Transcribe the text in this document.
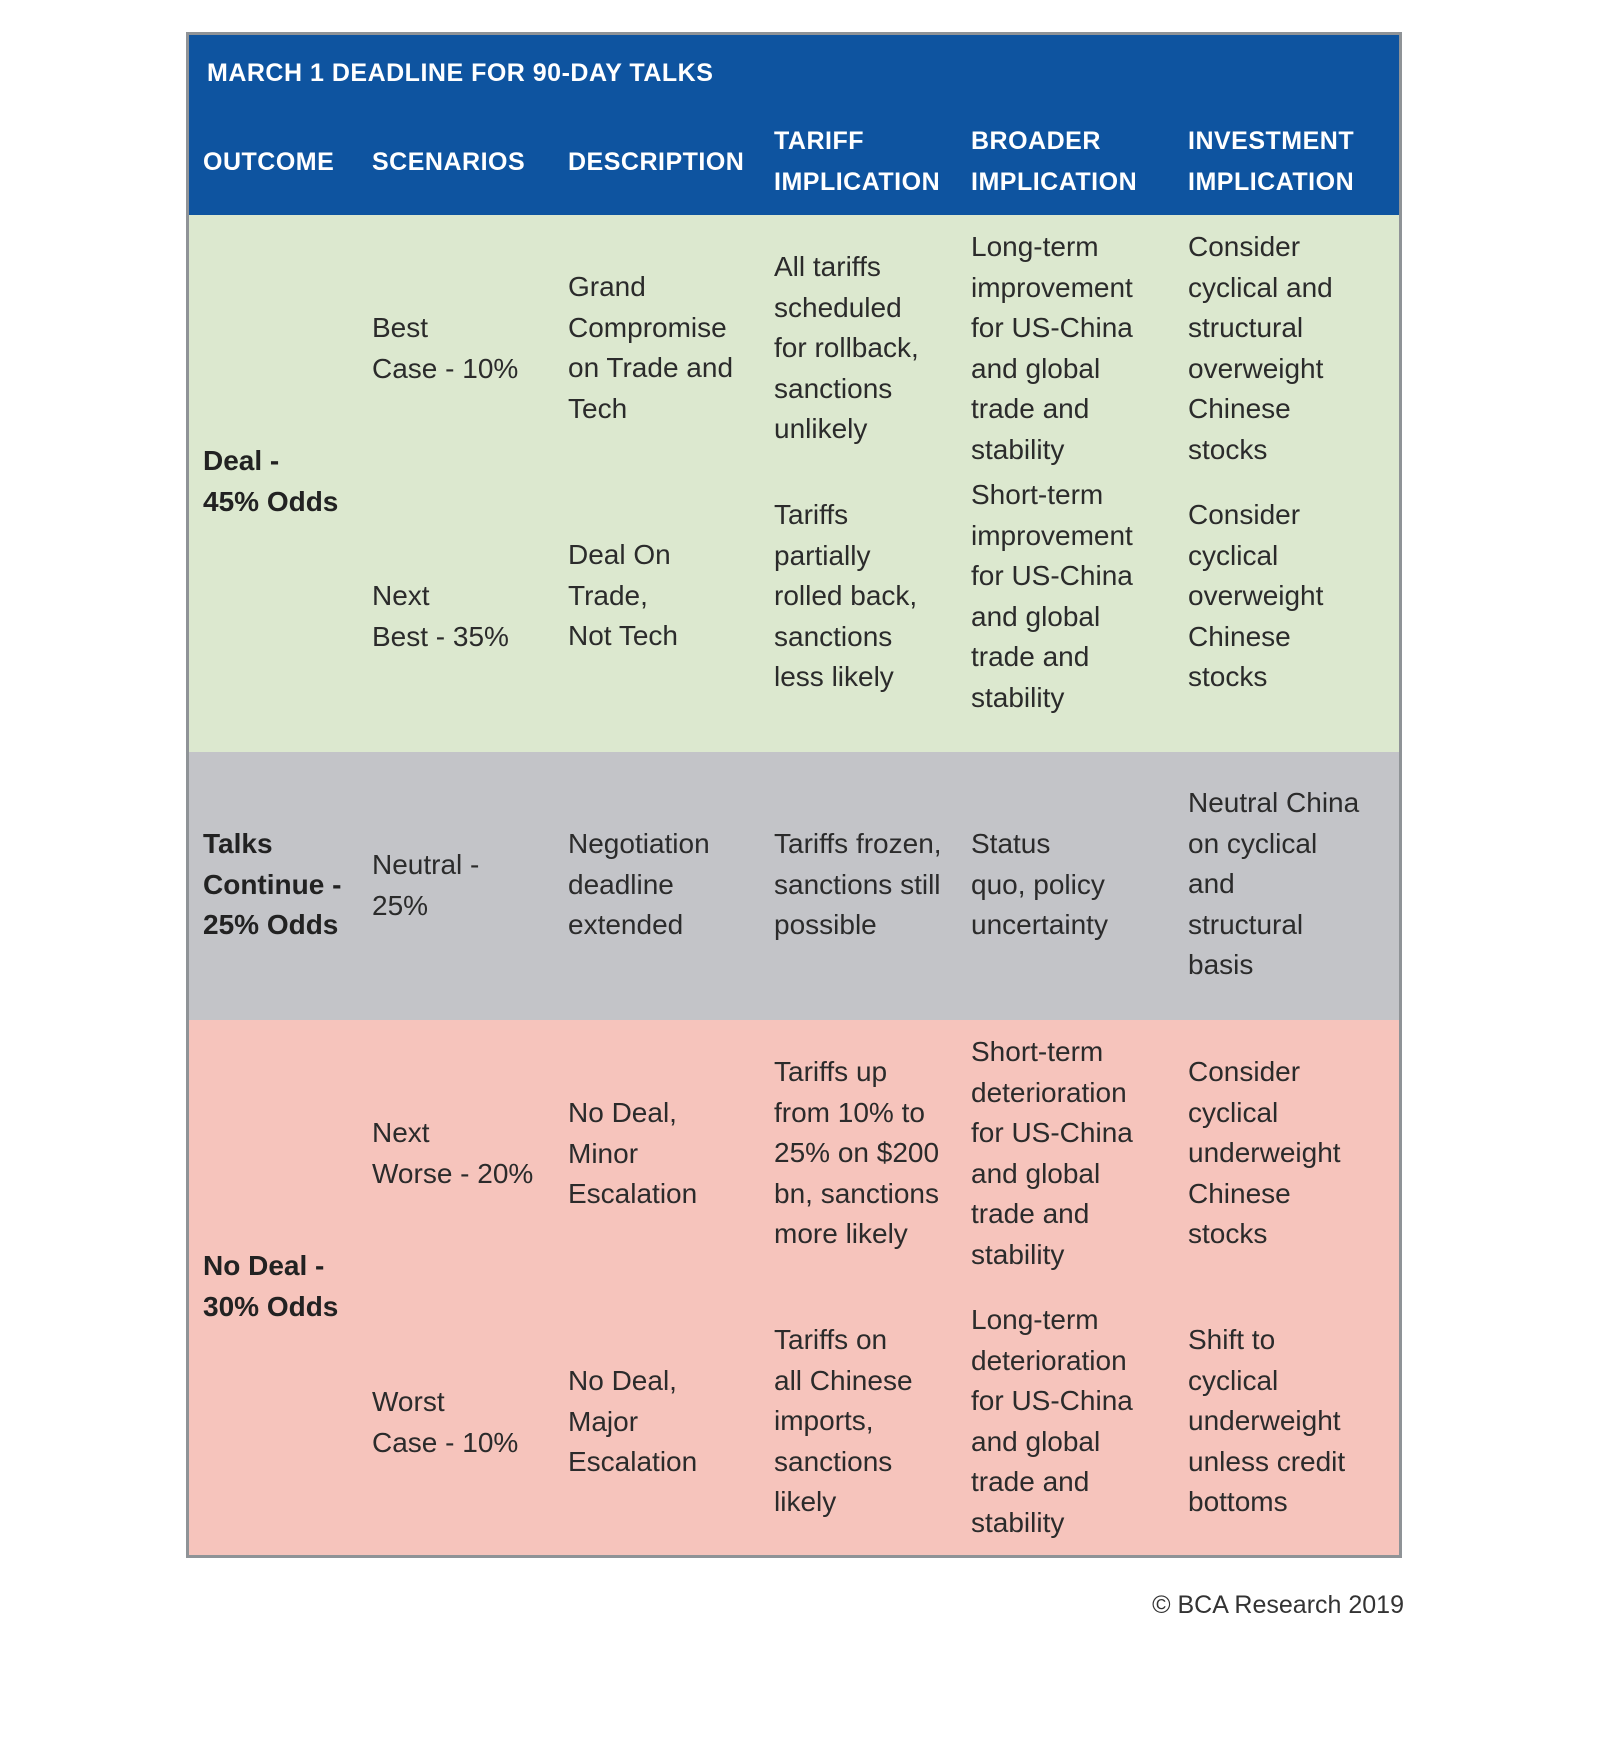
MARCH 1 DEADLINE FOR 90-DAY TALKS
OUTCOME SCENARIOS DESCRIPTION
TARIFF
IMPLICATION
BROADER
IMPLICATION
INVESTMENT
IMPLICATION
Deal -
45% Odds
Best
Case - 10%
Grand
Compromise
on Trade and
Tech
All tariffs
scheduled
for rollback,
sanctions
unlikely
Long-term
improvement
for US-China
and global
trade and
stability
Consider
cyclical and
structural
overweight
Chinese
stocks
Next
Best - 35%
Deal On
Trade,
Not Tech
Tariffs
partially
rolled back,
sanctions
less likely
Short-term
improvement
for US-China
and global
trade and
stability
Consider
cyclical
overweight
Chinese
stocks
Talks
Continue -
25% Odds
Neutral -
25%
Negotiation
deadline
extended
Tariffs frozen,
sanctions still
possible
Status
quo, policy
uncertainty
Neutral China
on cyclical
and
structural
basis
No Deal -
30% Odds
Next
Worse - 20%
No Deal,
Minor
Escalation
Tariffs up
from 10% to
25% on $200
bn, sanctions
more likely
Short-term
deterioration
for US-China
and global
trade and
stability
Consider
cyclical
underweight
Chinese
stocks
Worst
Case - 10%
No Deal,
Major
Escalation
Tariffs on
all Chinese
imports,
sanctions
likely
Long-term
deterioration
for US-China
and global
trade and
stability
Shift to
cyclical
underweight
unless credit
bottoms
© BCA Research 2019
